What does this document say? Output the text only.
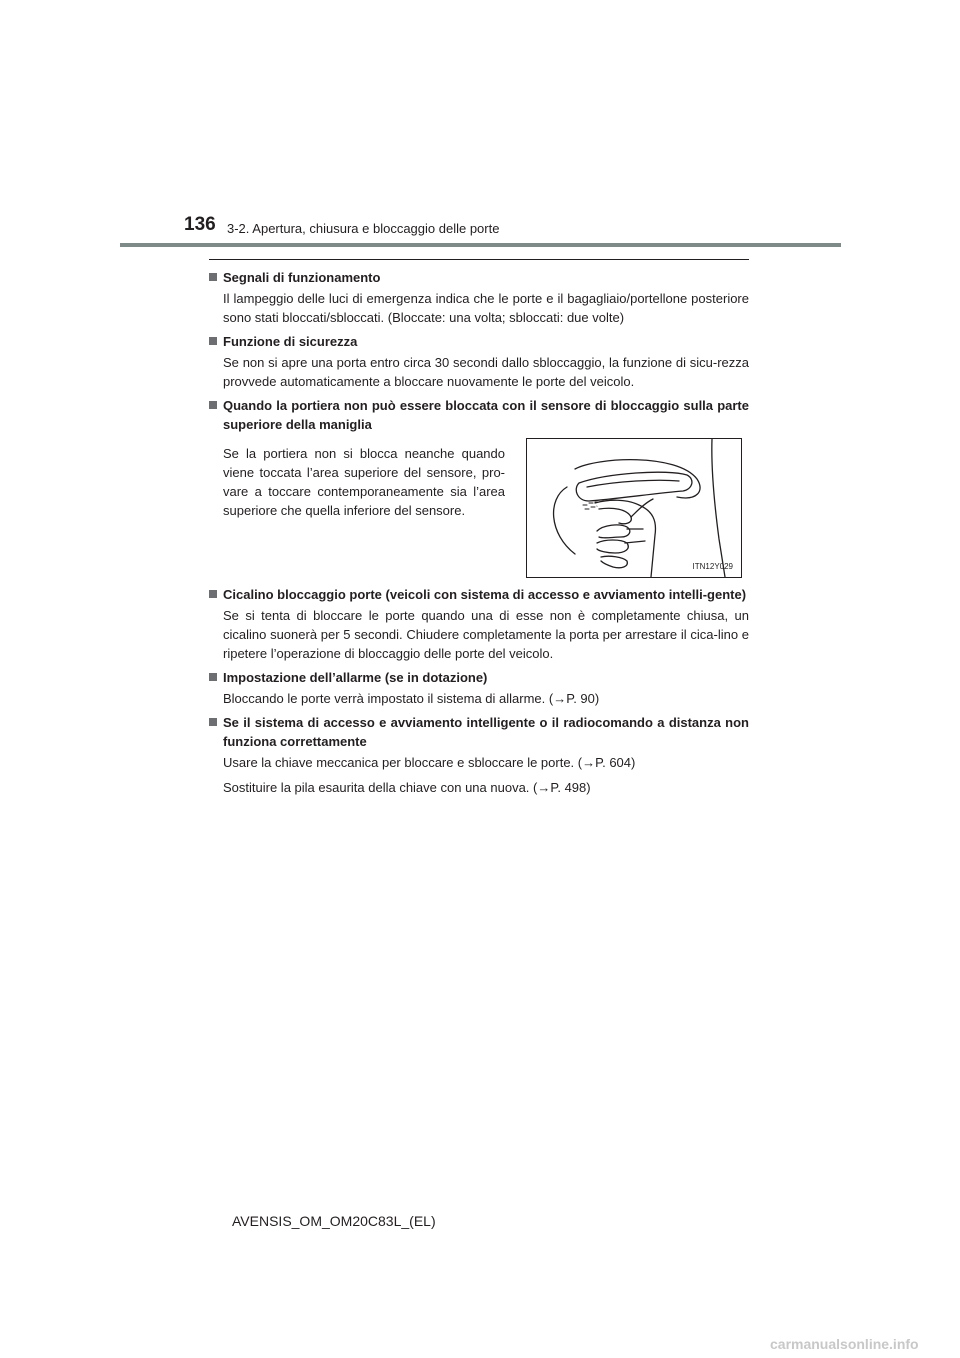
136 3-2. Apertura, chiusura e bloccaggio delle porte
Segnali di funzionamento
Il lampeggio delle luci di emergenza indica che le porte e il bagagliaio/portellone posteriore sono stati bloccati/sbloccati. (Bloccate: una volta; sbloccati: due volte)
Funzione di sicurezza
Se non si apre una porta entro circa 30 secondi dallo sbloccaggio, la funzione di sicu-rezza provvede automaticamente a bloccare nuovamente le porte del veicolo.
Quando la portiera non può essere bloccata con il sensore di bloccaggio sulla parte superiore della maniglia
Se la portiera non si blocca neanche quando viene toccata l’area superiore del sensore, pro-vare a toccare contemporaneamente sia l’area superiore che quella inferiore del sensore.
ITN12Y029
Cicalino bloccaggio porte (veicoli con sistema di accesso e avviamento intelli-gente)
Se si tenta di bloccare le porte quando una di esse non è completamente chiusa, un cicalino suonerà per 5 secondi. Chiudere completamente la porta per arrestare il cica-lino e ripetere l’operazione di bloccaggio delle porte del veicolo.
Impostazione dell’allarme (se in dotazione)
Bloccando le porte verrà impostato il sistema di allarme. (→P. 90)
Se il sistema di accesso e avviamento intelligente o il radiocomando a distanza non funziona correttamente
Usare la chiave meccanica per bloccare e sbloccare le porte. (→P. 604)
Sostituire la pila esaurita della chiave con una nuova. (→P. 498)
AVENSIS_OM_OM20C83L_(EL)
carmanualsonline.info
